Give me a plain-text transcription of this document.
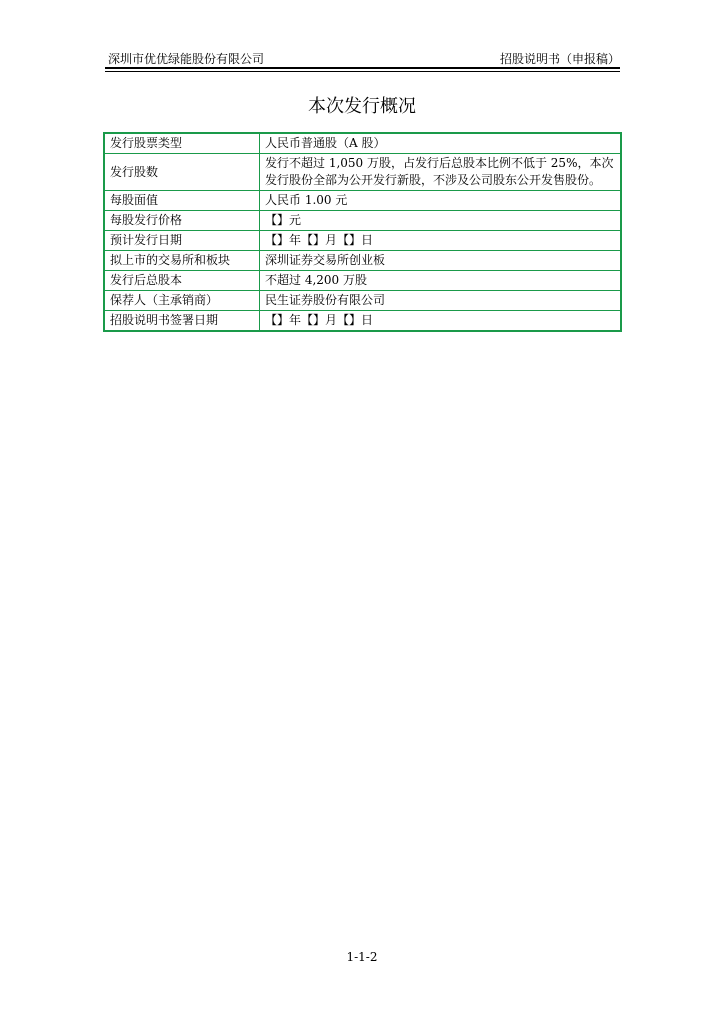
深圳市优优绿能股份有限公司	招股说明书（申报稿）
本次发行概况
发行股票类型	人民币普通股（A 股）
发行股数	发行不超过 1,050 万股，占发行后总股本比例不低于 25%，本次发行股份全部为公开发行新股，不涉及公司股东公开发售股份。
每股面值	人民币 1.00 元
每股发行价格	【】元
预计发行日期	【】年【】月【】日
拟上市的交易所和板块	深圳证券交易所创业板
发行后总股本	不超过 4,200 万股
保荐人（主承销商）	民生证券股份有限公司
招股说明书签署日期	【】年【】月【】日
1-1-2
